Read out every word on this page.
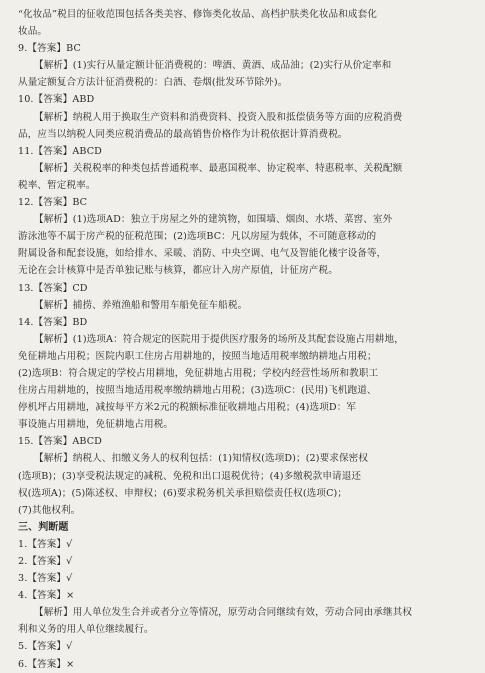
“化妆品”税目的征收范围包括各类美容、修饰类化妆品、高档护肤类化妆品和成套化
妆品。
9.【答案】BC
【解析】(1)实行从量定额计征消费税的：啤酒、黄酒、成品油；(2)实行从价定率和
从量定额复合方法计征消费税的：白酒、卷烟(批发环节除外)。
10.【答案】ABD
【解析】纳税人用于换取生产资料和消费资料、投资入股和抵偿债务等方面的应税消费
品，应当以纳税人同类应税消费品的最高销售价格作为计税依据计算消费税。
11.【答案】ABCD
【解析】关税税率的种类包括普通税率、最惠国税率、协定税率、特惠税率、关税配额
税率、暂定税率。
12.【答案】BC
【解析】(1)选项AD：独立于房屋之外的建筑物，如围墙、烟囱、水塔、菜窖、室外
游泳池等不属于房产税的征税范围；(2)选项BC：凡以房屋为载体，不可随意移动的
附属设备和配套设施，如给排水、采暖、消防、中央空调、电气及智能化楼宇设备等，
无论在会计核算中是否单独记账与核算，都应计入房产原值，计征房产税。
13.【答案】CD
【解析】捕捞、养殖渔船和警用车船免征车船税。
14.【答案】BD
【解析】(1)选项A：符合规定的医院用于提供医疗服务的场所及其配套设施占用耕地，
免征耕地占用税；医院内职工住房占用耕地的，按照当地适用税率缴纳耕地占用税；
(2)选项B：符合规定的学校占用耕地，免征耕地占用税；学校内经营性场所和教职工
住房占用耕地的，按照当地适用税率缴纳耕地占用税；(3)选项C：(民用)飞机跑道、
停机坪占用耕地，减按每平方米2元的税额标准征收耕地占用税；(4)选项D：军
事设施占用耕地，免征耕地占用税。
15.【答案】ABCD
【解析】纳税人、扣缴义务人的权利包括：(1)知情权(选项D)；(2)要求保密权
(选项B)；(3)享受税法规定的减税、免税和出口退税优待；(4)多缴税款申请退还
权(选项A)；(5)陈述权、申辩权；(6)要求税务机关承担赔偿责任权(选项C)；
(7)其他权利。
三、判断题
1.【答案】√
2.【答案】√
3.【答案】√
4.【答案】×
【解析】用人单位发生合并或者分立等情况，原劳动合同继续有效，劳动合同由承继其权
利和义务的用人单位继续履行。
5.【答案】√
6.【答案】×
